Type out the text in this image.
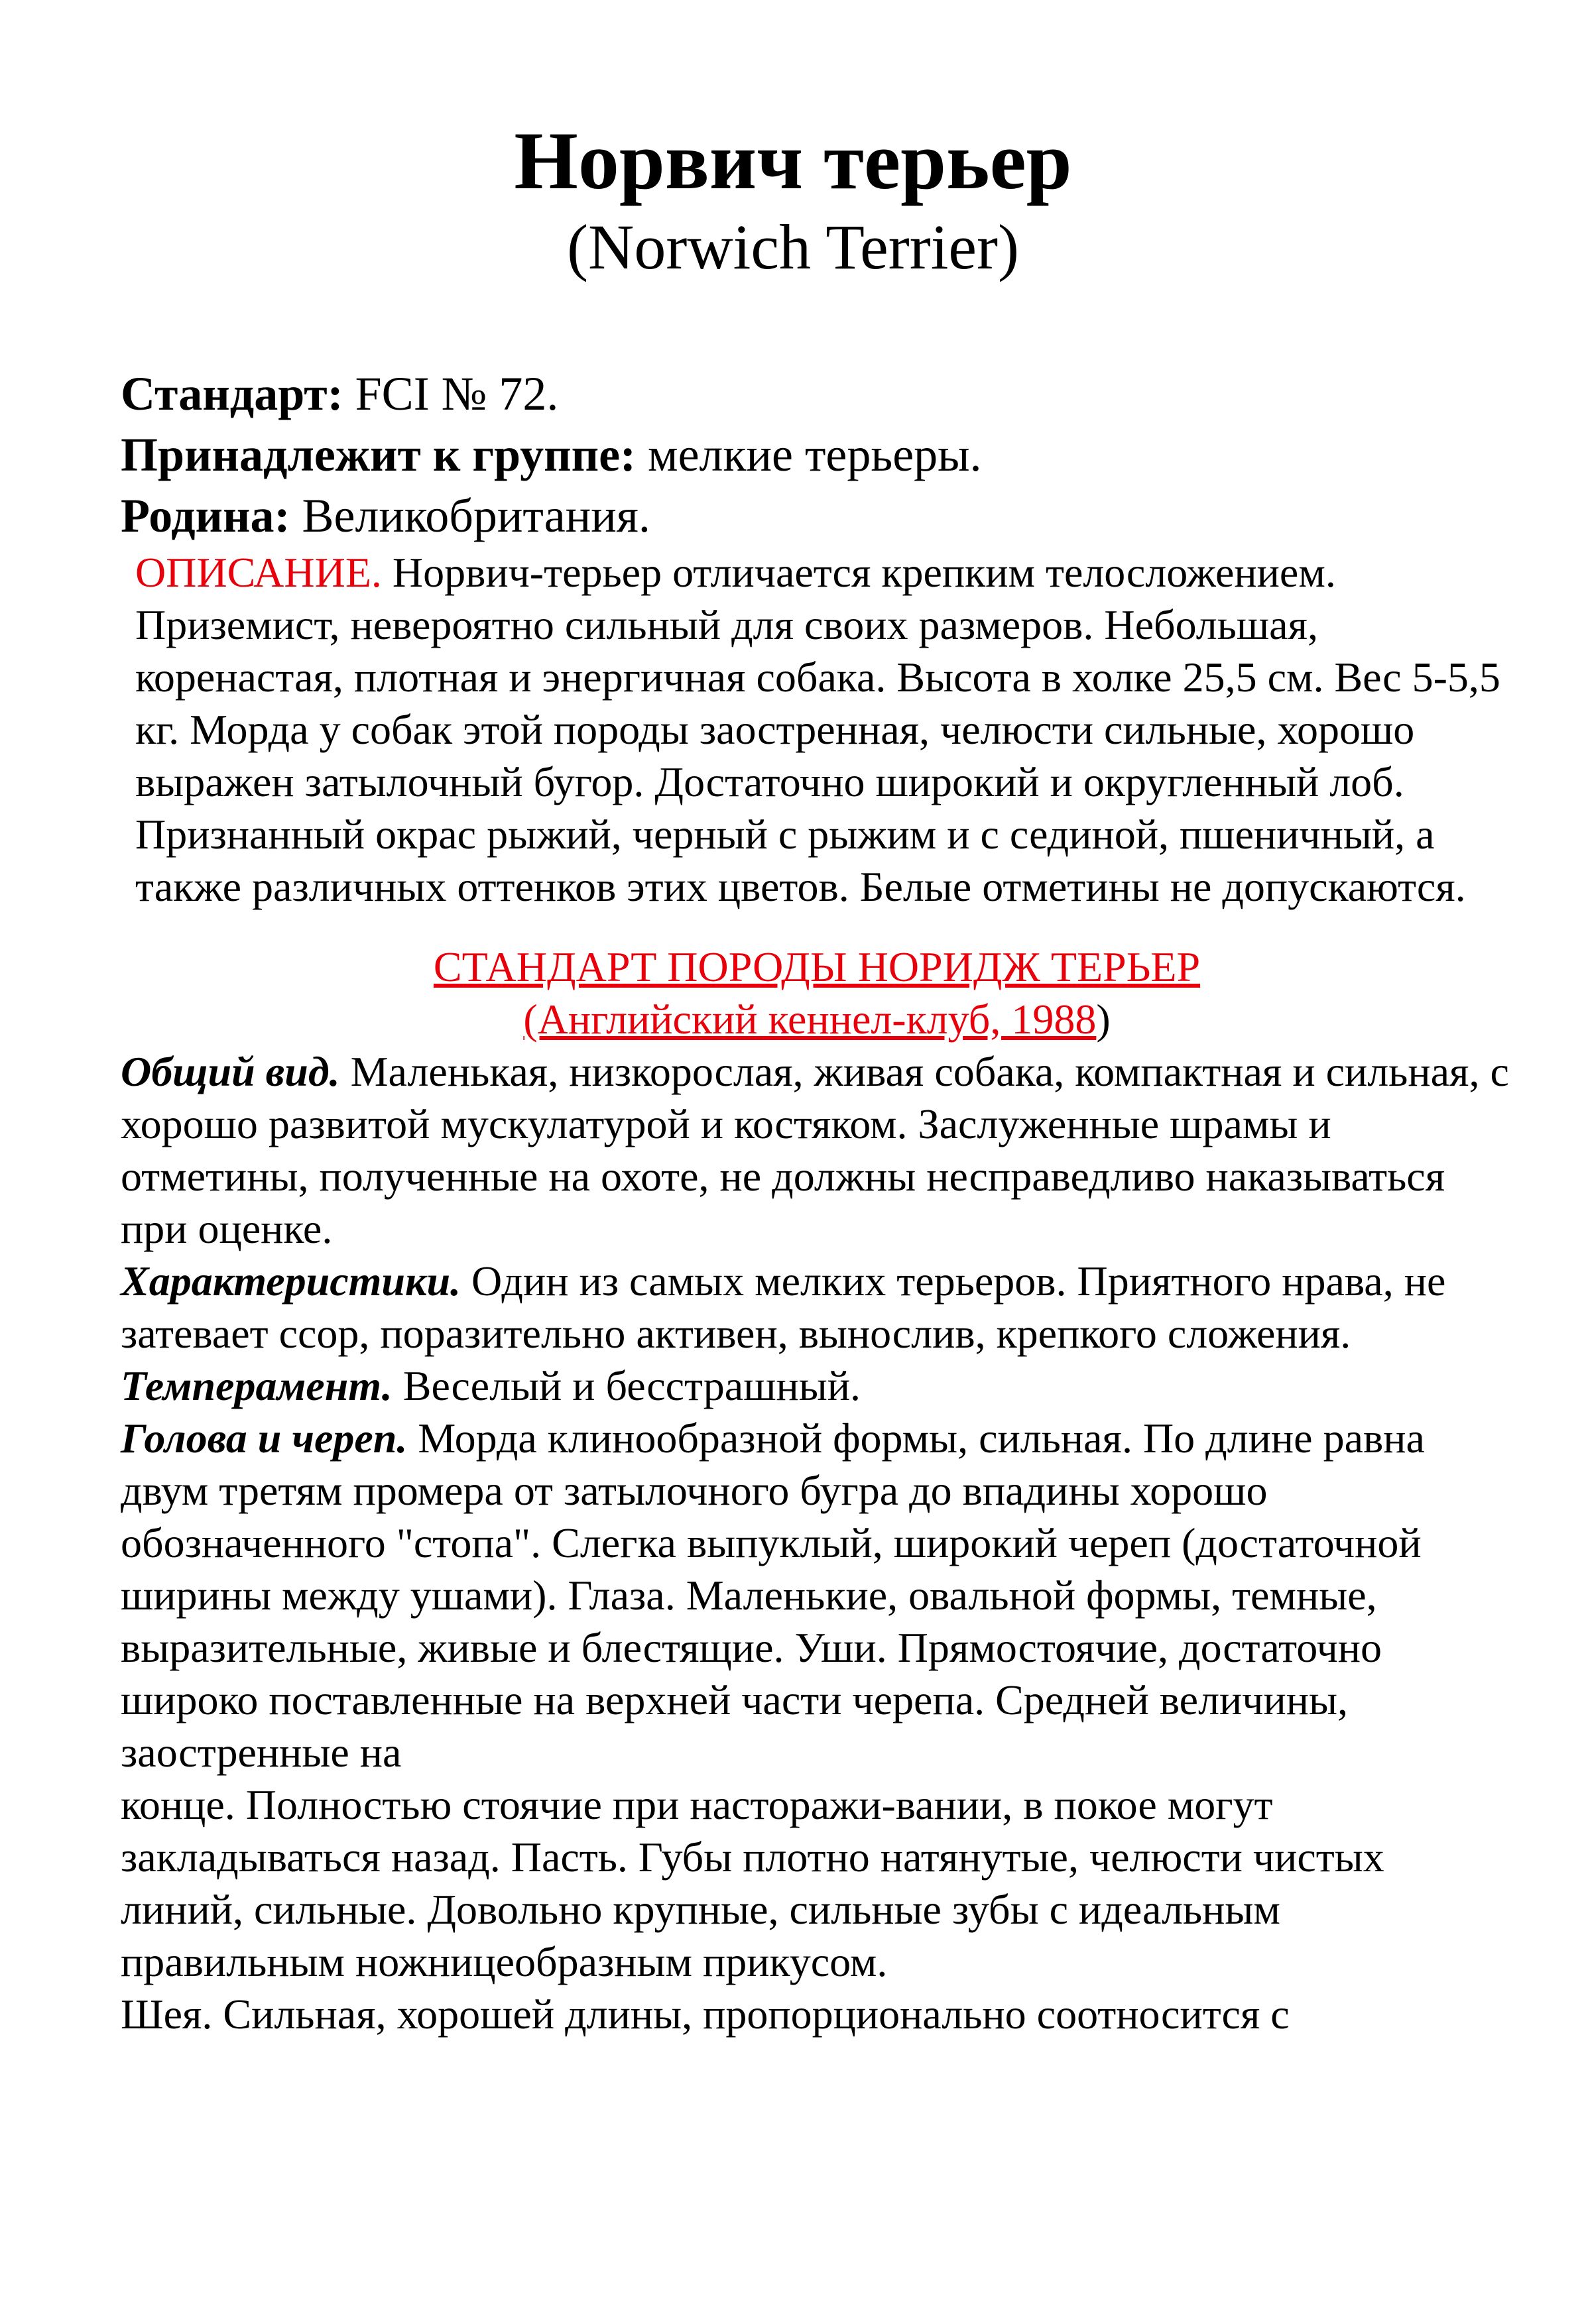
Норвич терьер
(Norwich Terrier)

Стандарт: FCI № 72.

Принадлежит к группе: мелкие терьеры.

Родина: Великобритания.

ОПИСАНИЕ. Норвич-терьер отличается крепким телосложением. Приземист, невероятно сильный для своих размеров. Небольшая, коренастая, плотная и энергичная собака. Высота в холке 25,5 см. Вес 5-5,5 кг. Морда у собак этой породы заостренная, челюсти сильные, хорошо выражен затылочный бугор. Достаточно широкий и округленный лоб. Признанный окрас рыжий, черный с рыжим и с сединой, пшеничный, а также различных оттенков этих цветов. Белые отметины не допускаются.

СТАНДАРТ ПОРОДЫ НОРИДЖ ТЕРЬЕР
(Английский кеннел-клуб, 1988)

Общий вид. Маленькая, низкорослая, живая собака, компактная и сильная, с хорошо развитой мускулатурой и костяком. Заслуженные шрамы и отметины, полученные на охоте, не должны несправедливо наказываться при оценке.

Характеристики. Один из самых мелких терьеров. Приятного нрава, не затевает ссор, поразительно активен, вынослив, крепкого сложения.

Темперамент. Веселый и бесстрашный.

Голова и череп. Морда клинообразной формы, сильная. По длине равна двум третям промера от затылочного бугра до впадины хорошо обозначенного "стопа". Слегка выпуклый, широкий череп (достаточной ширины между ушами). Глаза. Маленькие, овальной формы, темные, выразительные, живые и блестящие. Уши. Прямостоячие, достаточно широко поставленные на верхней части черепа. Средней величины, заостренные на

конце. Полностью стоячие при насторажи-вании, в покое могут закладываться назад. Пасть. Губы плотно натянутые, челюсти чистых линий, сильные. Довольно крупные, сильные зубы с идеальным правильным ножницеобразным прикусом.

Шея. Сильная, хорошей длины, пропорционально соотносится с
